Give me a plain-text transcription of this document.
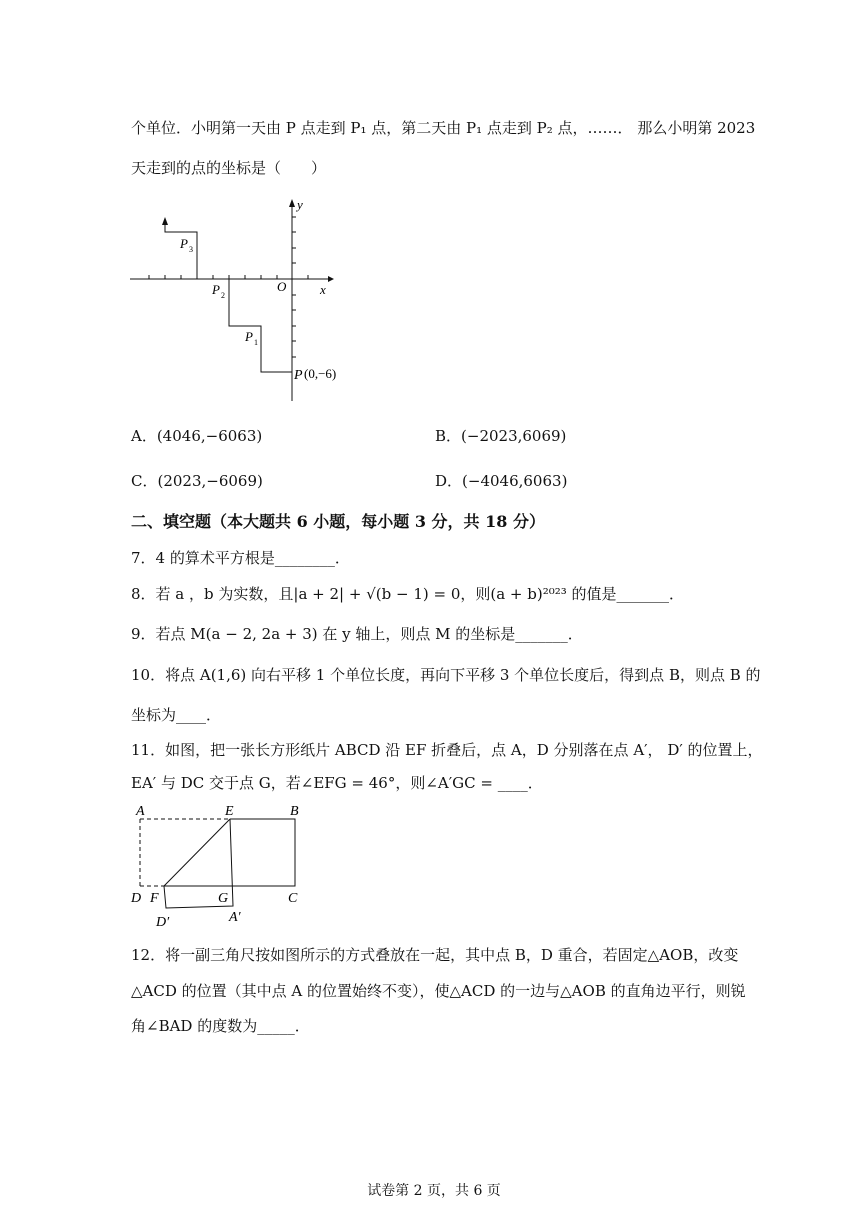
个单位．小明第一天由 P 点走到 P₁ 点，第二天由 P₁ 点走到 P₂ 点，……． 那么小明第 2023
天走到的点的坐标是（　　）
y
x
O
P 3
P 2
P 1
P (0,−6)
A．(4046,−6063)	B．(−2023,6069)
C．(2023,−6069)	D．(−4046,6063)
二、填空题（本大题共 6 小题，每小题 3 分，共 18 分）
7．4 的算术平方根是________．
8．若 a ，b 为实数，且|a + 2| + √(b − 1) = 0，则(a + b)²⁰²³ 的值是_______．
9．若点 M(a − 2, 2a + 3) 在 y 轴上，则点 M 的坐标是_______．
10．将点 A(1,6) 向右平移 1 个单位长度，再向下平移 3 个单位长度后，得到点 B，则点 B 的
坐标为____．
11．如图，把一张长方形纸片 ABCD 沿 EF 折叠后，点 A，D 分别落在点 A′， D′ 的位置上，
EA′ 与 DC 交于点 G，若∠EFG = 46°，则∠A′GC = ____．
A	E	B
D F	G	C
D′	A′
12．将一副三角尺按如图所示的方式叠放在一起，其中点 B，D 重合，若固定△AOB，改变
△ACD 的位置（其中点 A 的位置始终不变），使△ACD 的一边与△AOB 的直角边平行，则锐
角∠BAD 的度数为_____．
试卷第 2 页，共 6 页
